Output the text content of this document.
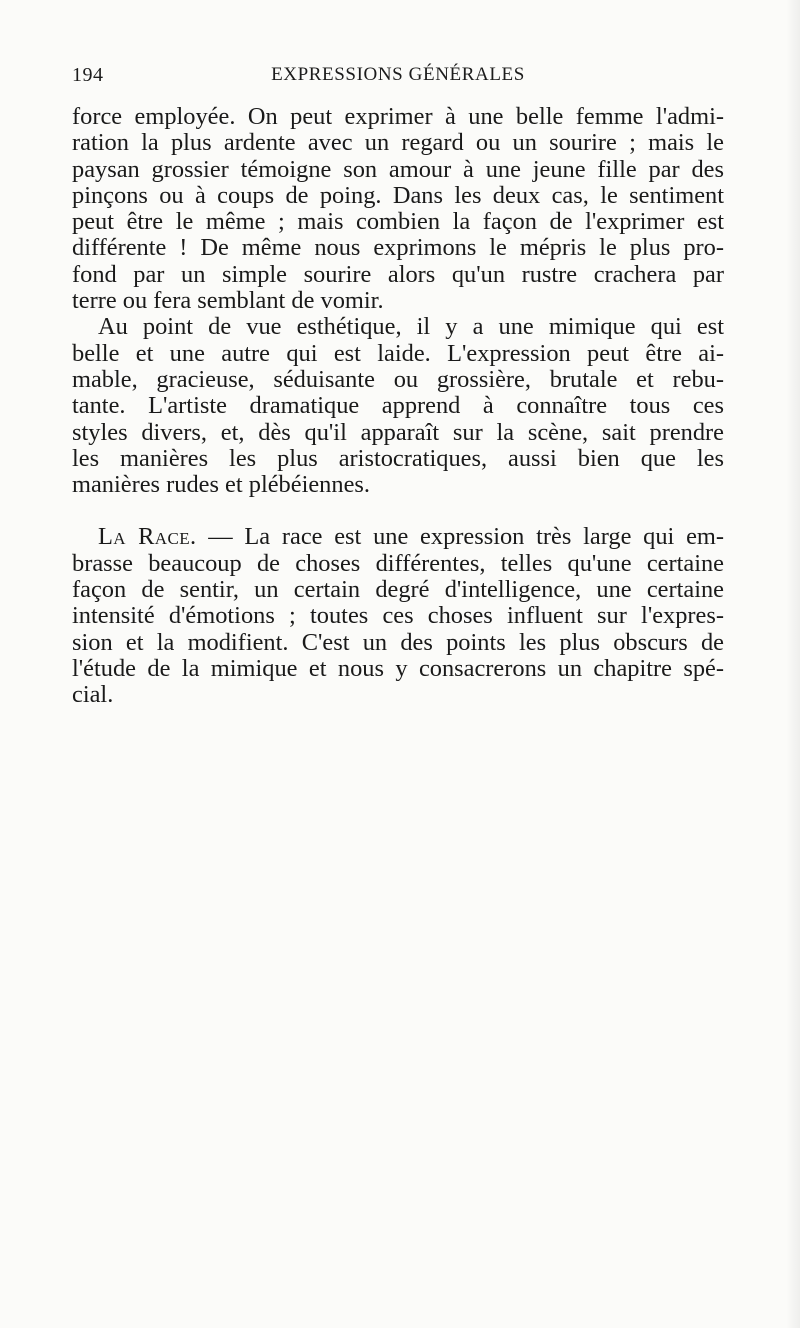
194	EXPRESSIONS GÉNÉRALES
force employée. On peut exprimer à une belle femme l'admi-
ration la plus ardente avec un regard ou un sourire ; mais le
paysan grossier témoigne son amour à une jeune fille par des
pinçons ou à coups de poing. Dans les deux cas, le sentiment
peut être le même ; mais combien la façon de l'exprimer est
différente ! De même nous exprimons le mépris le plus pro-
fond par un simple sourire alors qu'un rustre crachera par
terre ou fera semblant de vomir.
Au point de vue esthétique, il y a une mimique qui est
belle et une autre qui est laide. L'expression peut être ai-
mable, gracieuse, séduisante ou grossière, brutale et rebu-
tante. L'artiste dramatique apprend à connaître tous ces
styles divers, et, dès qu'il apparaît sur la scène, sait prendre
les manières les plus aristocratiques, aussi bien que les
manières rudes et plébéiennes.
La Race. — La race est une expression très large qui em-
brasse beaucoup de choses différentes, telles qu'une certaine
façon de sentir, un certain degré d'intelligence, une certaine
intensité d'émotions ; toutes ces choses influent sur l'expres-
sion et la modifient. C'est un des points les plus obscurs de
l'étude de la mimique et nous y consacrerons un chapitre spé-
cial.
